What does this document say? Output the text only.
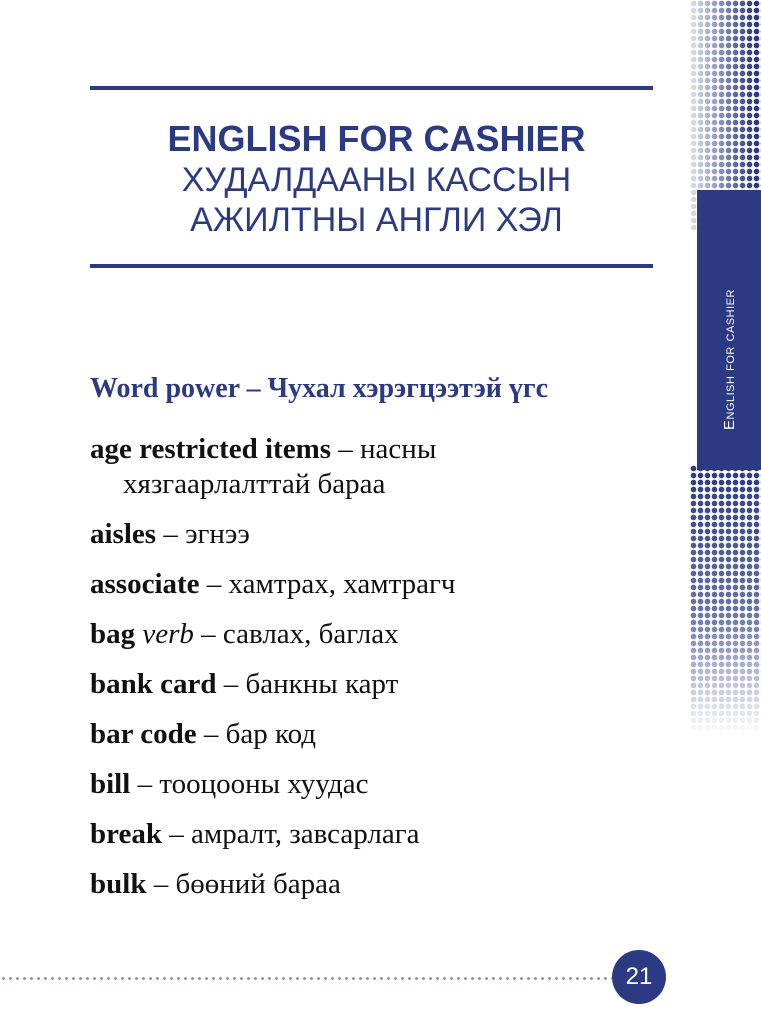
English for cashier

ENGLISH FOR CASHIER

ХУДАЛДААНЫ КАССЫН

АЖИЛТНЫ АНГЛИ ХЭЛ

Word power – Чухал хэрэгцээтэй үгс
age restricted items – насны
хязгаарлалттай бараа
aisles – эгнээ
associate – хамтрах, хамтрагч
bag verb – савлах, баглах
bank card – банкны карт
bar code – бар код
bill – тооцооны хуудас
break – амралт, завсарлага
bulk – бөөний бараа
21
